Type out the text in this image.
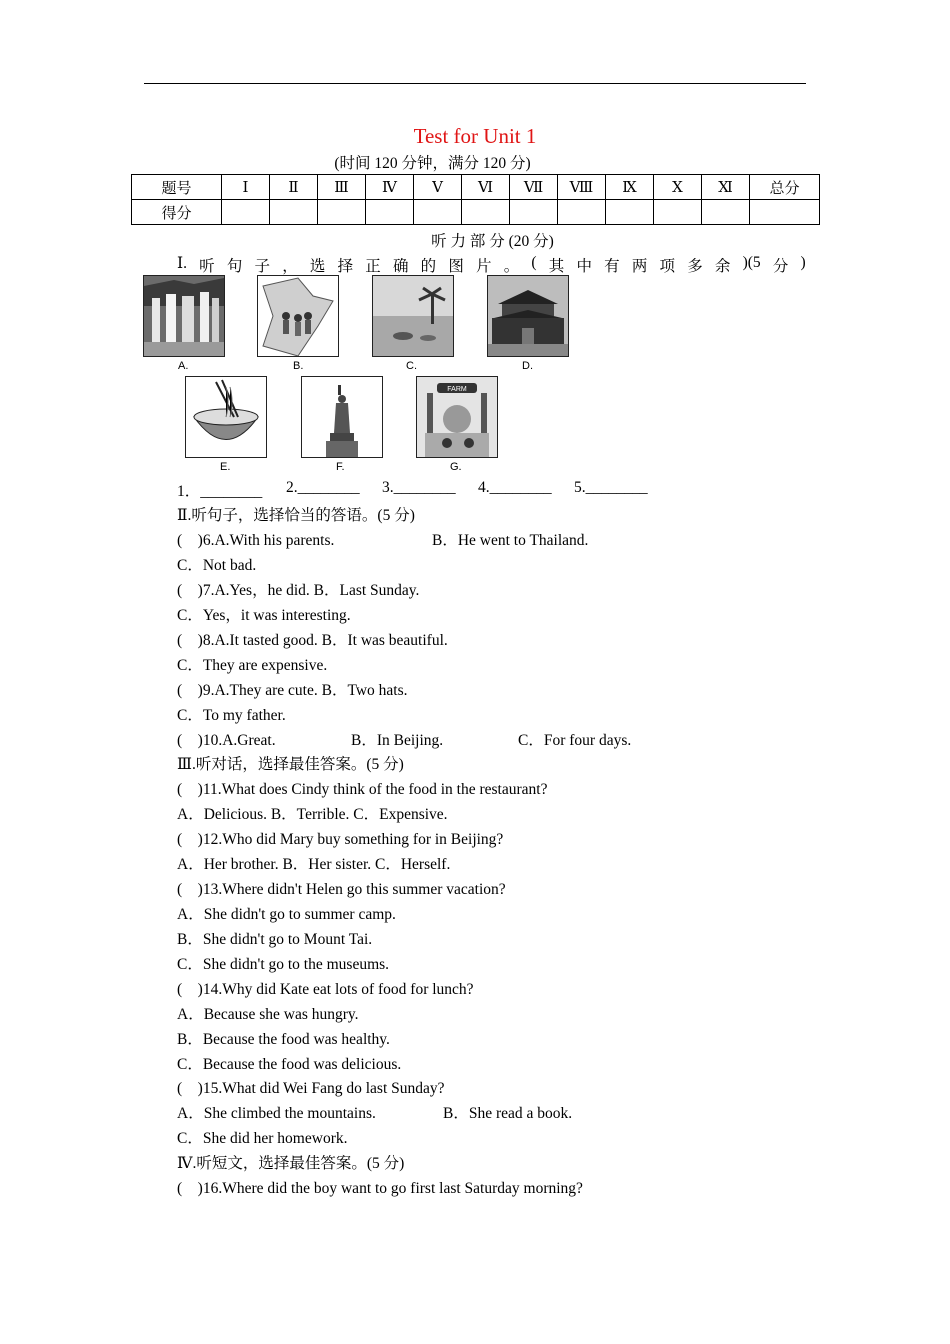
Test for Unit 1
(时间 120 分钟，满分 120 分)
题号	Ⅰ	Ⅱ	Ⅲ	Ⅳ	Ⅴ	Ⅵ	Ⅶ	Ⅷ	Ⅸ	Ⅹ	Ⅺ	总分
得分												
听 力 部 分 (20 分)
Ⅰ. 听 句 子 ， 选 择 正 确 的 图 片 。 ( 其 中 有 两 项 多 余 )(5 分 )
A.	B.	C.	D.
E.	F.
FARM
G.
1．________ 2.________ 3.________ 4.________ 5.________
Ⅱ.听句子，选择恰当的答语。(5 分)
(　)6.A.With his parents.	B．He went to Thailand.
C．Not bad.
(　)7.A.Yes，he did. B．Last Sunday.
C．Yes，it was interesting.
(　)8.A.It tasted good. B．It was beautiful.
C．They are expensive.
(　)9.A.They are cute. B．Two hats.
C．To my father.
(　)10.A.Great.	B．In Beijing.	C．For four days.
Ⅲ.听对话，选择最佳答案。(5 分)
(　)11.What does Cindy think of the food in the restaurant?
A．Delicious. B．Terrible. C．Expensive.
(　)12.Who did Mary buy something for in Beijing?
A．Her brother. B．Her sister. C．Herself.
(　)13.Where didn't Helen go this summer vacation?
A．She didn't go to summer camp.
B．She didn't go to Mount Tai.
C．She didn't go to the museums.
(　)14.Why did Kate eat lots of food for lunch?
A．Because she was hungry.
B．Because the food was healthy.
C．Because the food was delicious.
(　)15.What did Wei Fang do last Sunday?
A．She climbed the mountains.	B．She read a book.
C．She did her homework.
Ⅳ.听短文，选择最佳答案。(5 分)
(　)16.Where did the boy want to go first last Saturday morning?
